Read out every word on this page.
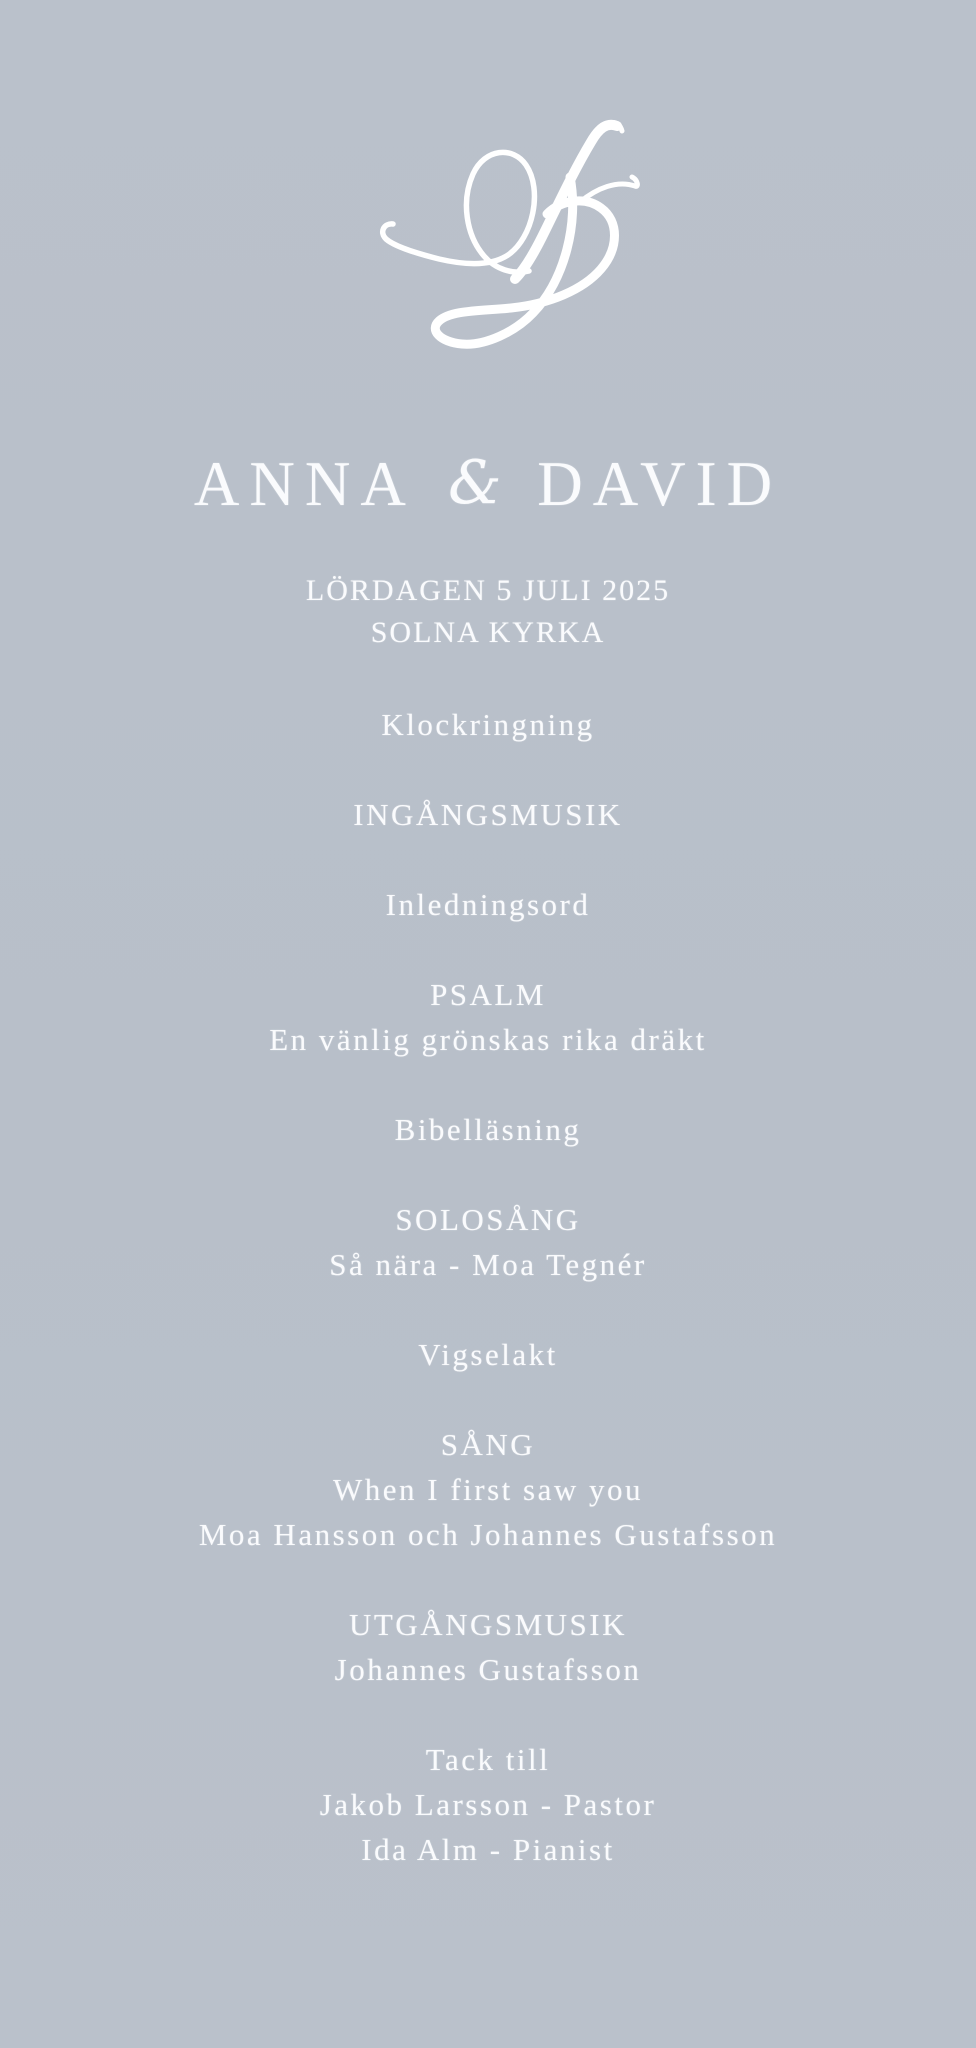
ANNA & DAVID
LÖRDAGEN 5 JULI 2025
SOLNA KYRKA
Klockringning
INGÅNGSMUSIK
Inledningsord
PSALM
En vänlig grönskas rika dräkt
Bibelläsning
SOLOSÅNG
Så nära - Moa Tegnér
Vigselakt
SÅNG
When I first saw you
Moa Hansson och Johannes Gustafsson
UTGÅNGSMUSIK
Johannes Gustafsson
Tack till
Jakob Larsson - Pastor
Ida Alm - Pianist
